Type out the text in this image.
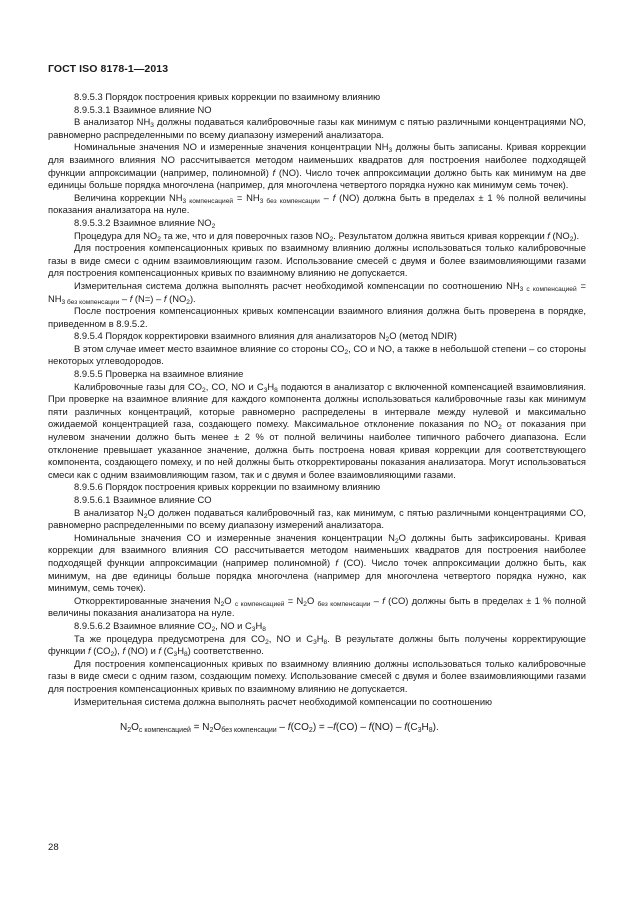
ГОСТ ISO 8178-1—2013

8.9.5.3 Порядок построения кривых коррекции по взаимному влиянию

8.9.5.3.1 Взаимное влияние NO

В анализатор $NH_3$ должны подаваться калибровочные газы как минимум с пятью различными концентрациями NO, равномерно распределенными по всему диапазону измерений анализатора.

Номинальные значения NO и измеренные значения концентрации $NH_3$ должны быть записаны. Кривая коррекции для взаимного влияния NO рассчитывается методом наименьших квадратов для построения наиболее подходящей функции аппроксимации (например, полиномной) f (NO). Число точек аппроксимации должно быть как минимум на две единицы больше порядка многочлена (например, для многочлена четвертого порядка нужно как минимум семь точек).

Величина коррекции $NH_{3 компенсацией} = NH_{3 без компенсации} - f$ (NO) должна быть в пределах ± 1 % полной величины показания анализатора на нуле.

8.9.5.3.2 Взаимное влияние $NO_2$

Процедура для $NO_2$ та же, что и для поверочных газов $NO_2$. Результатом должна явиться кривая коррекции f $(NO_2)$.

Для построения компенсационных кривых по взаимному влиянию должны использоваться только калибровочные газы в виде смеси с одним взаимовлияющим газом. Использование смесей с двумя и более взаимовлияющими газами для построения компенсационных кривых по взаимному влиянию не допускается.

Измерительная система должна выполнять расчет необходимой компенсации по соотношению $NH_{3 с компенсацией} = NH_{3 без компенсации} - f$ (N=) – f $(NO_2)$.

После построения компенсационных кривых компенсации взаимного влияния должна быть проверена в порядке, приведенном в 8.9.5.2.

8.9.5.4 Порядок корректировки взаимного влияния для анализаторов $N_2O$ (метод NDIR)

В этом случае имеет место взаимное влияние со стороны $CO_2$, CO и NO, а также в небольшой степени – со стороны некоторых углеводородов.

8.9.5.5 Проверка на взаимное влияние

Калибровочные газы для $CO_2$, CO, NO и $C_3H_8$ подаются в анализатор с включенной компенсацией взаимовлияния. При проверке на взаимное влияние для каждого компонента должны использоваться калибровочные газы как минимум пяти различных концентраций, которые равномерно распределены в интервале между нулевой и максимально ожидаемой концентрацией газа, создающего помеху. Максимальное отклонение показания по $NO_2$ от показания при нулевом значении должно быть менее ± 2 % от полной величины наиболее типичного рабочего диапазона. Если отклонение превышает указанное значение, должна быть построена новая кривая коррекции для соответствующего компонента, создающего помеху, и по ней должны быть откорректированы показания анализатора. Могут использоваться смеси как с одним взаимовлияющим газом, так и с двумя и более взаимовлияющими газами.

8.9.5.6 Порядок построения кривых коррекции по взаимному влиянию

8.9.5.6.1 Взаимное влияние CO

В анализатор $N_2O$ должен подаваться калибровочный газ, как минимум, с пятью различными концентрациями CO, равномерно распределенными по всему диапазону измерений анализатора.

Номинальные значения CO и измеренные значения концентрации $N_2O$ должны быть зафиксированы. Кривая коррекции для взаимного влияния CO рассчитывается методом наименьших квадратов для построения наиболее подходящей функции аппроксимации (например полиномной) f (CO). Число точек аппроксимации должно быть, как минимум, на две единицы больше порядка многочлена (например для многочлена четвертого порядка нужно, как минимум, семь точек).

Откорректированные значения $N_2O$ $_{с компенсацией} = N_2O$ $_{без компенсации}$ – f (CO) должны быть в пределах ± 1 % полной величины показания анализатора на нуле.

8.9.5.6.2 Взаимное влияние $CO_2$, NO и $C_3H_8$

Та же процедура предусмотрена для $CO_2$, NO и $C_3H_8$. В результате должны быть получены корректирующие функции f $(CO_2)$, f (NO) и f $(C_3H_8)$ соответственно.

Для построения компенсационных кривых по взаимному влиянию должны использоваться только калибровочные газы в виде смеси с одним газом, создающим помеху. Использование смесей с двумя и более взаимовлияющими газами для построения компенсационных кривых по взаимному влиянию не допускается.

Измерительная система должна выполнять расчет необходимой компенсации по соотношению

$N_2O_{с компенсацией} = N_2O_{без компенсации} - f(CO_2) = -f(CO) - f(NO) - f(C_3H_8)$.
28
